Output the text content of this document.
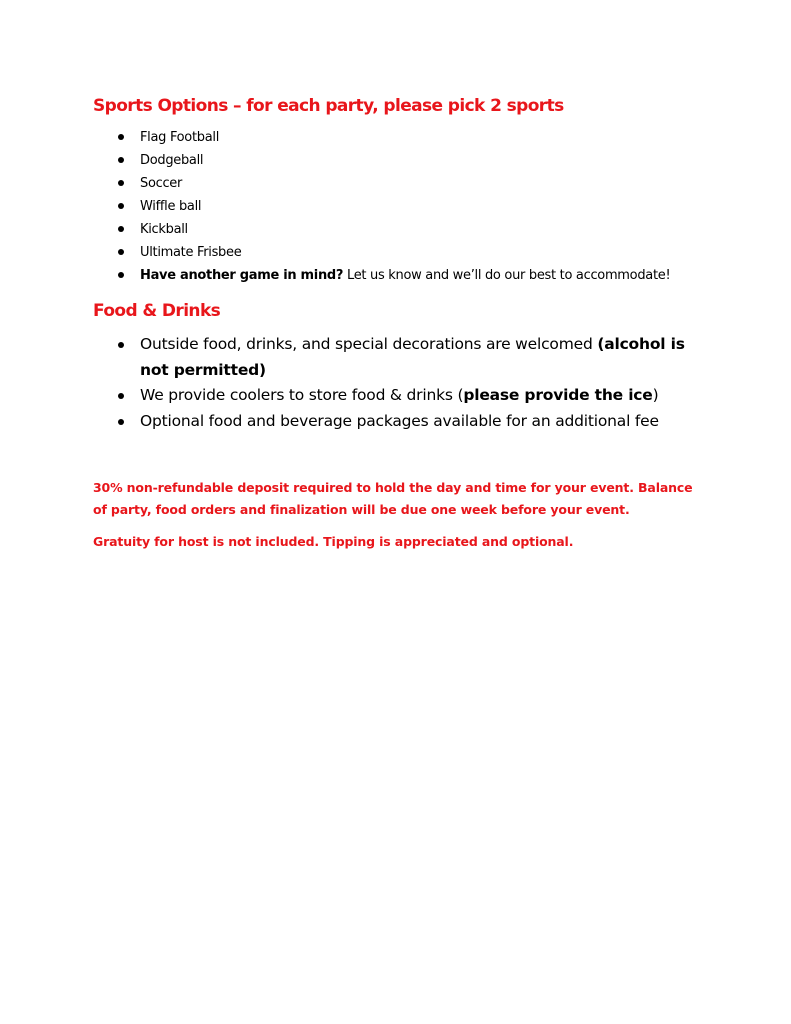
Sports Options – for each party, please pick 2 sports
Flag Football
Dodgeball
Soccer
Wiffle ball
Kickball
Ultimate Frisbee
Have another game in mind? Let us know and we’ll do our best to accommodate!
Food & Drinks
Outside food, drinks, and special decorations are welcomed (alcohol is not permitted)
We provide coolers to store food & drinks (please provide the ice)
Optional food and beverage packages available for an additional fee

30% non-refundable deposit required to hold the day and time for your event. Balance of party, food orders and finalization will be due one week before your event.

Gratuity for host is not included. Tipping is appreciated and optional.
